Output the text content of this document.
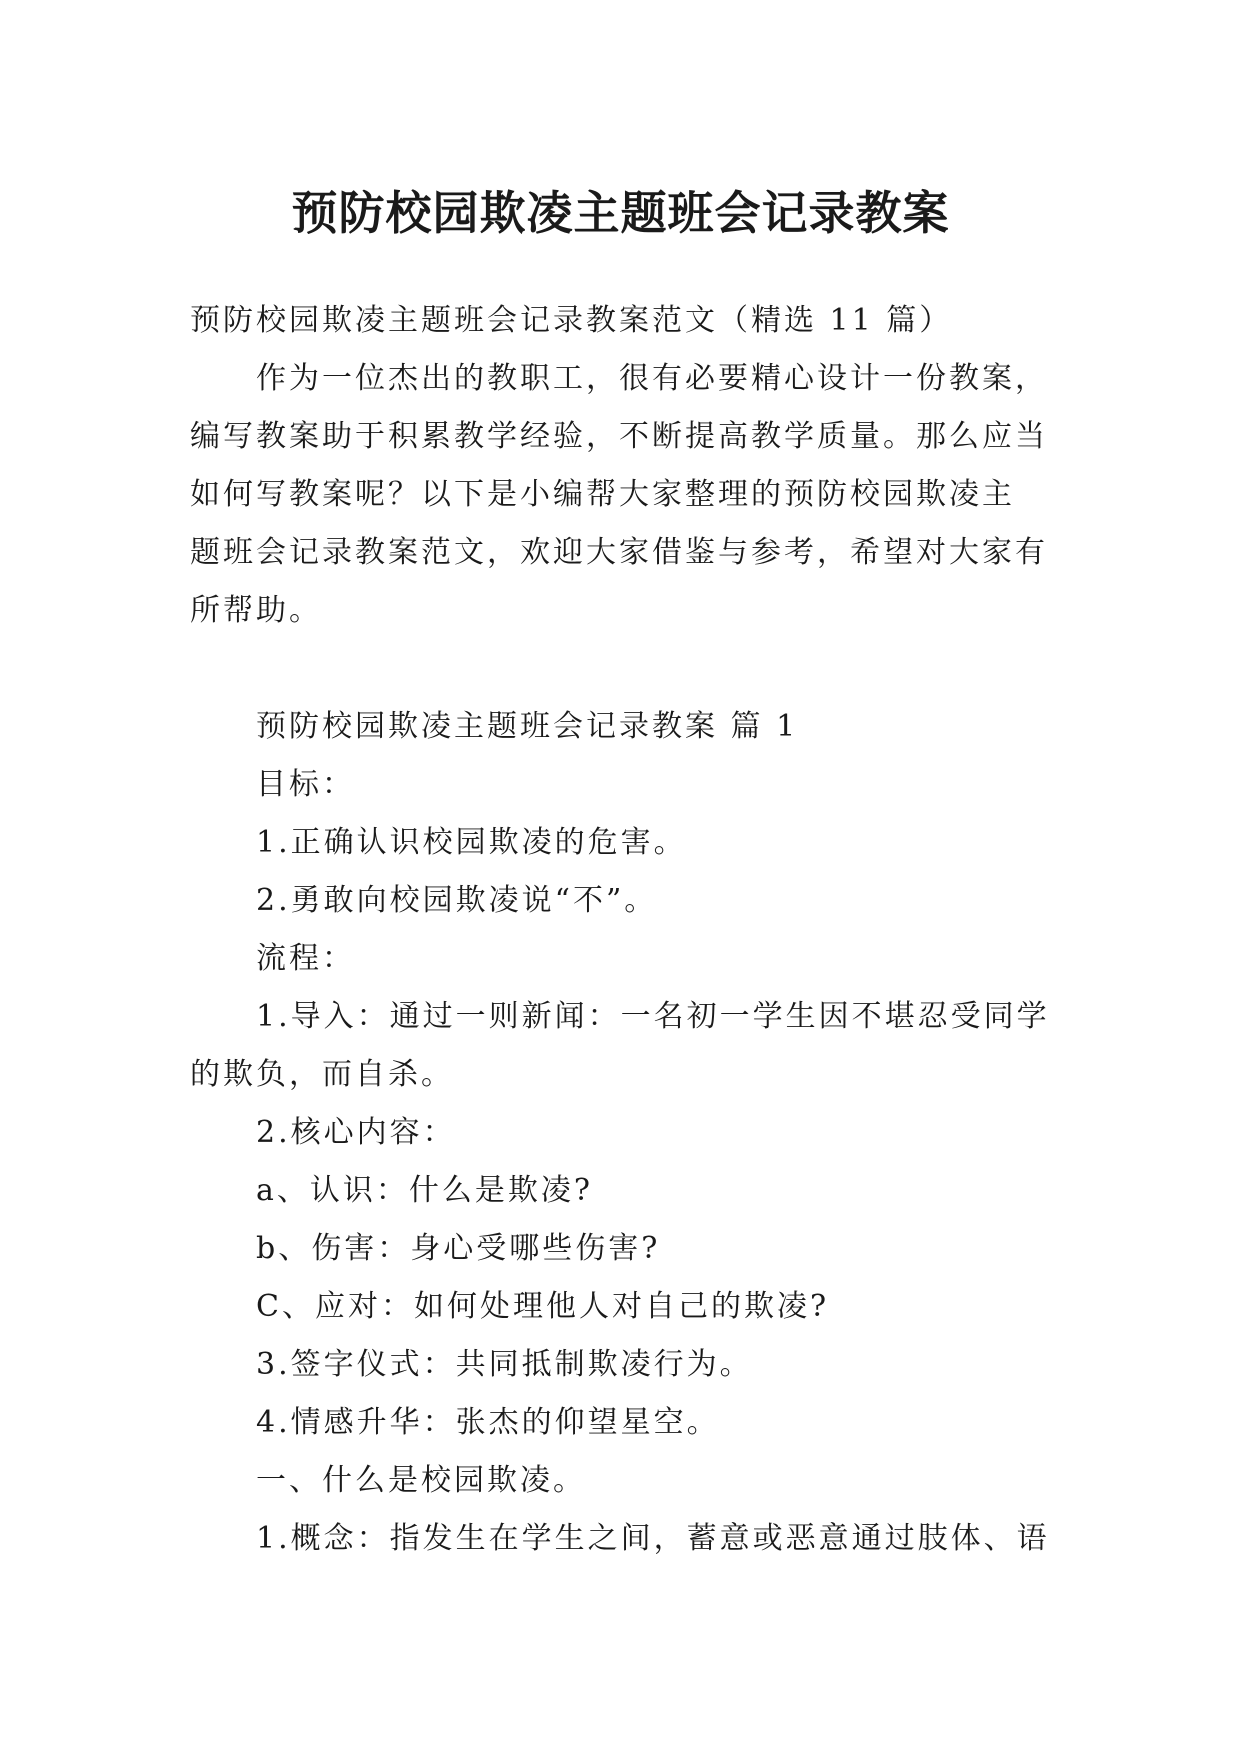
预防校园欺凌主题班会记录教案

预防校园欺凌主题班会记录教案范文（精选 11 篇）

作为一位杰出的教职工，很有必要精心设计一份教案，

编写教案助于积累教学经验，不断提高教学质量。那么应当

如何写教案呢？以下是小编帮大家整理的预防校园欺凌主

题班会记录教案范文，欢迎大家借鉴与参考，希望对大家有

所帮助。

预防校园欺凌主题班会记录教案 篇 1

目标：

1.正确认识校园欺凌的危害。

2.勇敢向校园欺凌说“不”。

流程：

1.导入：通过一则新闻：一名初一学生因不堪忍受同学

的欺负，而自杀。

2.核心内容：

a、认识：什么是欺凌?

b、伤害：身心受哪些伤害?

C、应对：如何处理他人对自己的欺凌?

3.签字仪式：共同抵制欺凌行为。

4.情感升华：张杰的仰望星空。

一、什么是校园欺凌。

1.概念：指发生在学生之间，蓄意或恶意通过肢体、语
